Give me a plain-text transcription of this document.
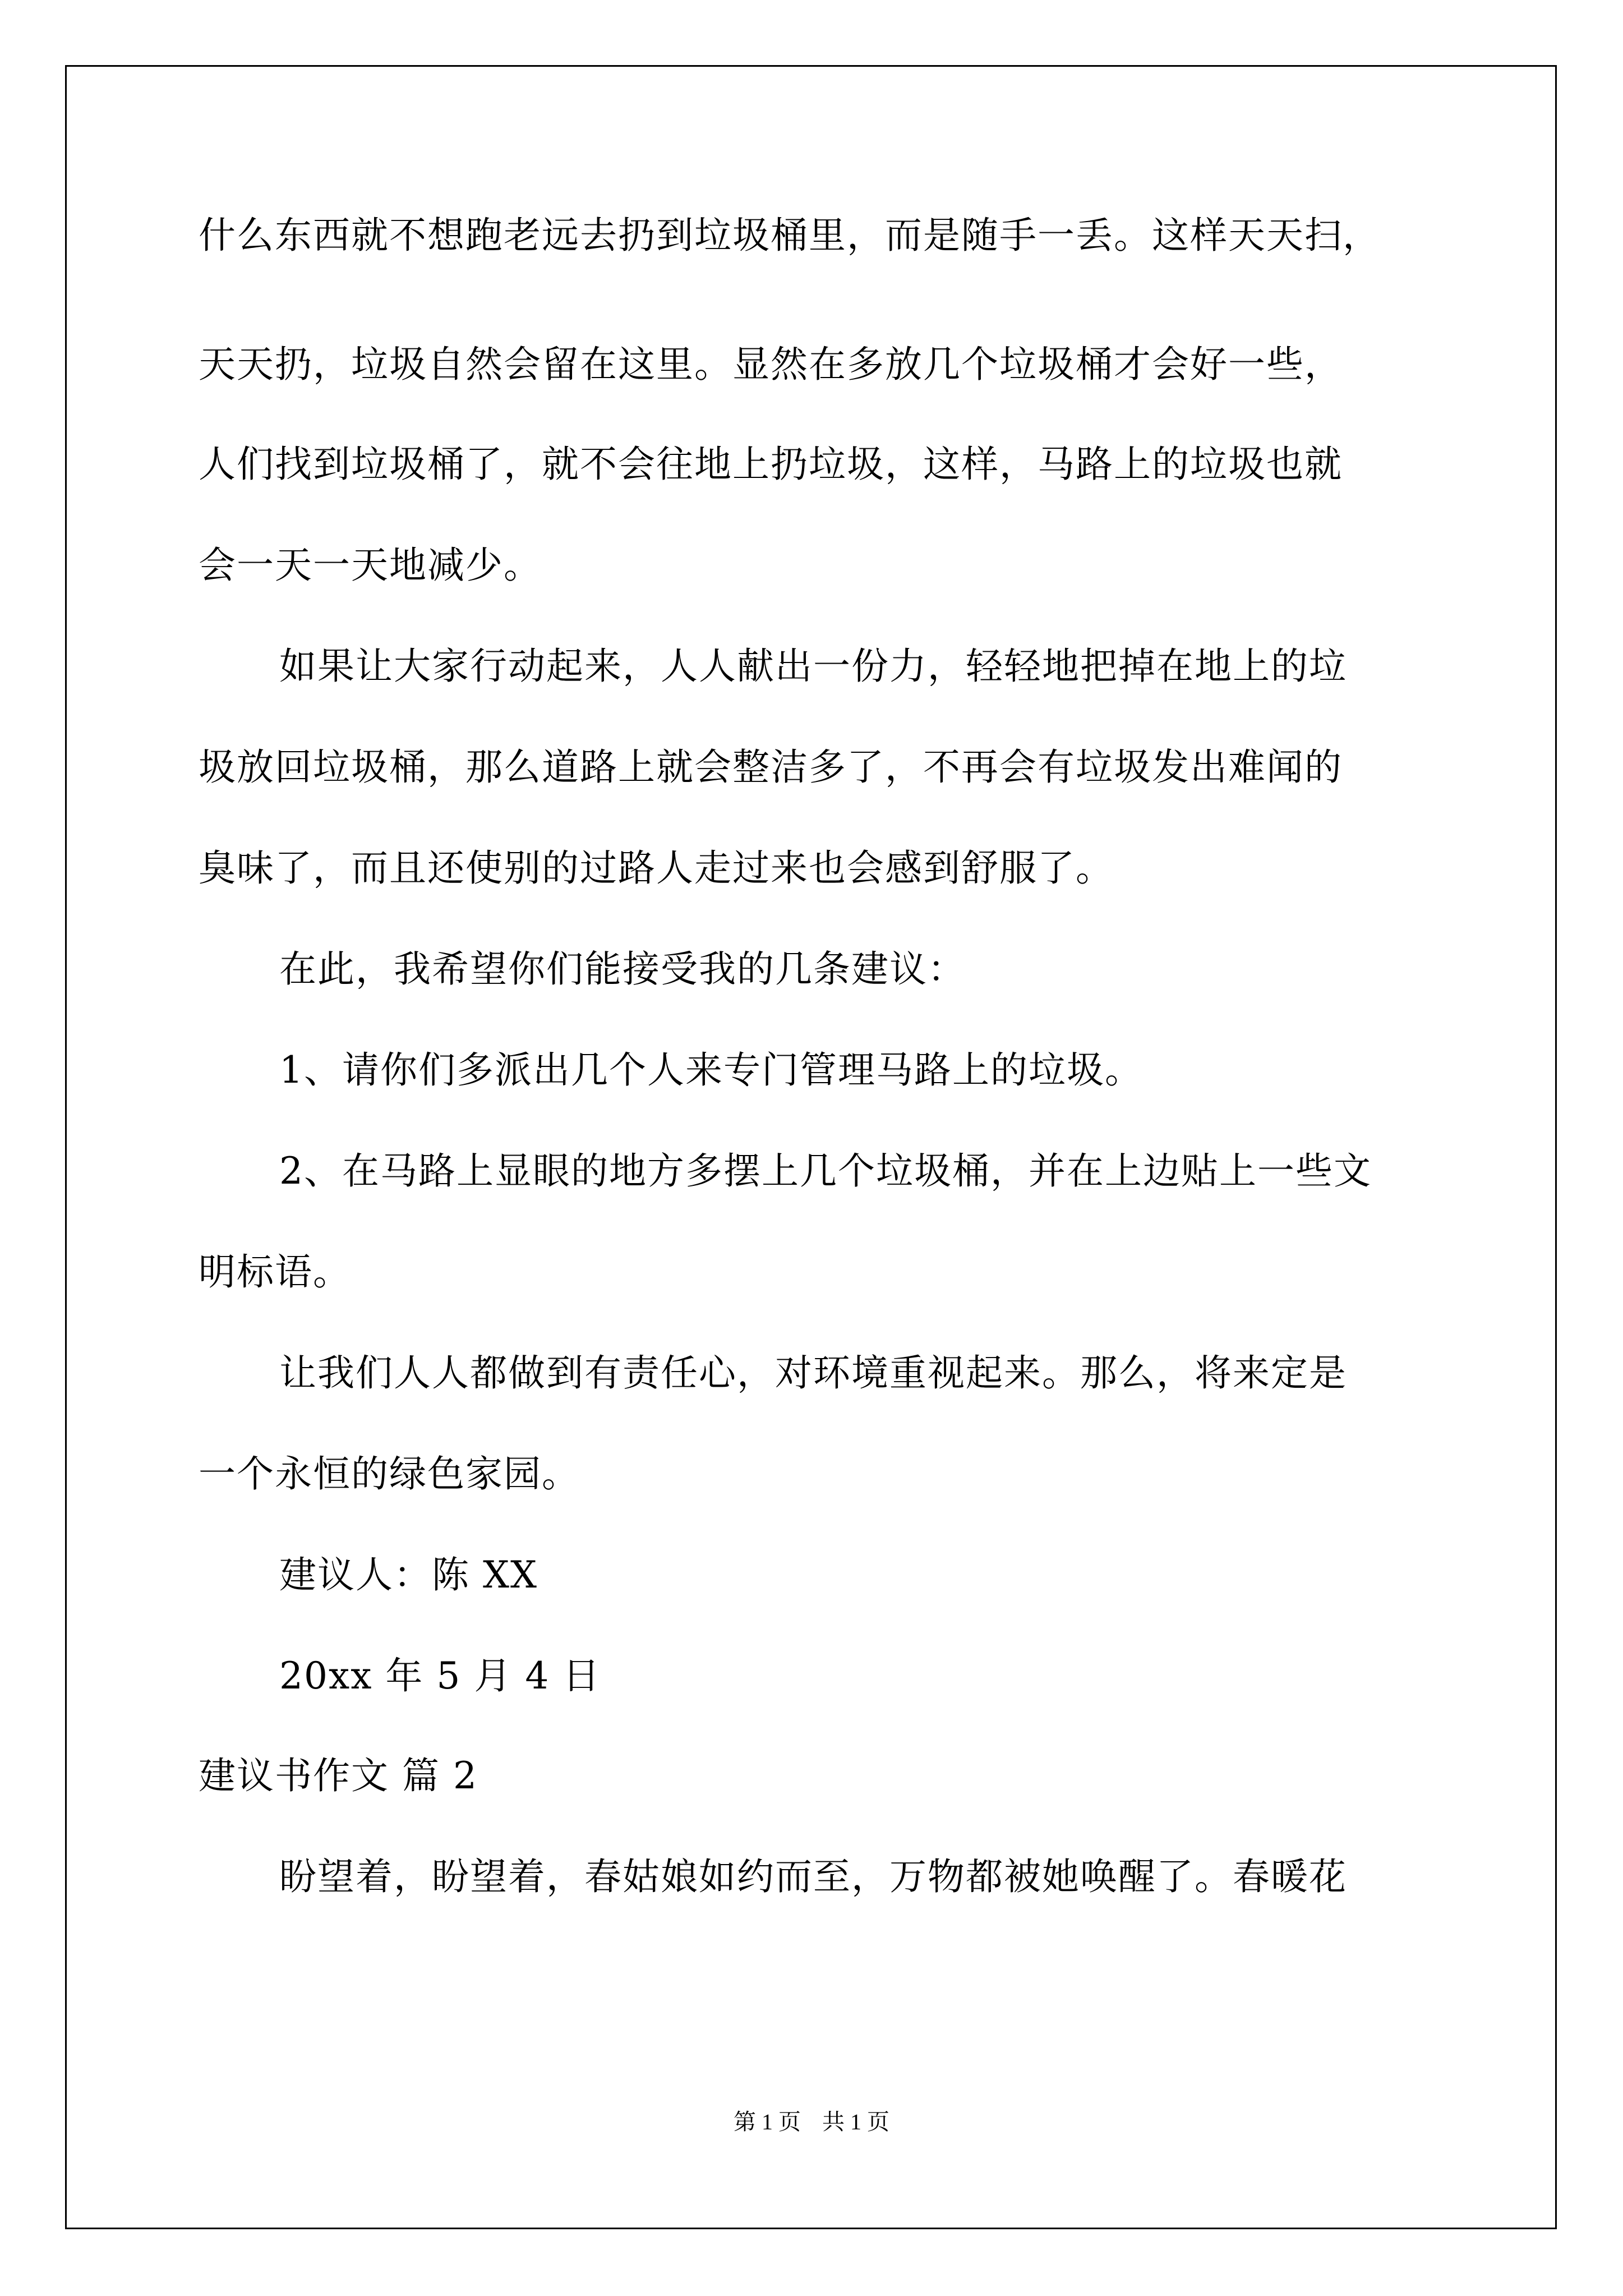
什么东西就不想跑老远去扔到垃圾桶里，而是随手一丢。这样天天扫，
天天扔，垃圾自然会留在这里。显然在多放几个垃圾桶才会好一些，
人们找到垃圾桶了，就不会往地上扔垃圾，这样，马路上的垃圾也就
会一天一天地减少。
如果让大家行动起来，人人献出一份力，轻轻地把掉在地上的垃
圾放回垃圾桶，那么道路上就会整洁多了，不再会有垃圾发出难闻的
臭味了，而且还使别的过路人走过来也会感到舒服了。
在此，我希望你们能接受我的几条建议：
1、请你们多派出几个人来专门管理马路上的垃圾。
2、在马路上显眼的地方多摆上几个垃圾桶，并在上边贴上一些文
明标语。
让我们人人都做到有责任心，对环境重视起来。那么，将来定是
一个永恒的绿色家园。
建议人：陈 XX
20xx 年 5 月 4 日
建议书作文 篇 2
盼望着，盼望着，春姑娘如约而至，万物都被她唤醒了。春暖花
第 1 页 共 1 页
